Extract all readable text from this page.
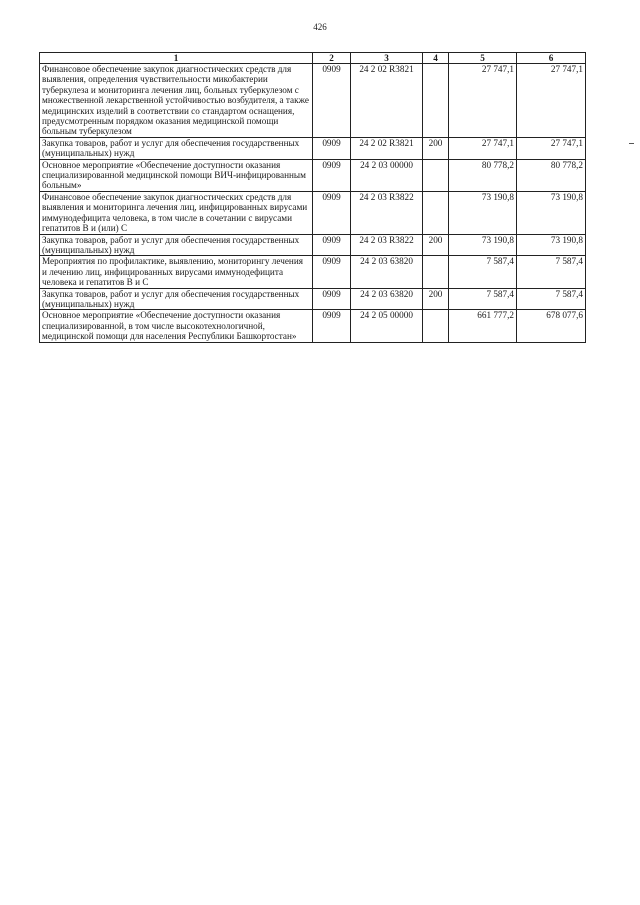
426
1	2	3	4	5	6
Финансовое обеспечение закупок диагностических средств для выявления, определения чувствительности микобактерии туберкулеза и мониторинга лечения лиц, больных туберкулезом с множественной лекарственной устойчивостью возбудителя, а также медицинских изделий в соответствии со стандартом оснащения, предусмотренным порядком оказания медицинской помощи больным туберкулезом	0909	24 2 02 R3821		27 747,1	27 747,1
Закупка товаров, работ и услуг для обеспечения государственных (муниципальных) нужд	0909	24 2 02 R3821	200	27 747,1	27 747,1
Основное мероприятие «Обеспечение доступности оказания специализированной медицинской помощи ВИЧ-инфицированным больным»	0909	24 2 03 00000		80 778,2	80 778,2
Финансовое обеспечение закупок диагностических средств для выявления и мониторинга лечения лиц, инфицированных вирусами иммунодефицита человека, в том числе в сочетании с вирусами гепатитов В и (или) С	0909	24 2 03 R3822		73 190,8	73 190,8
Закупка товаров, работ и услуг для обеспечения государственных (муниципальных) нужд	0909	24 2 03 R3822	200	73 190,8	73 190,8
Мероприятия по профилактике, выявлению, мониторингу лечения и лечению лиц, инфицированных вирусами иммунодефицита человека и гепатитов В и С	0909	24 2 03 63820		7 587,4	7 587,4
Закупка товаров, работ и услуг для обеспечения государственных (муниципальных) нужд	0909	24 2 03 63820	200	7 587,4	7 587,4
Основное мероприятие «Обеспечение доступности оказания специализированной, в том числе высокотехнологичной, медицинской помощи для населения Республики Башкортостан»	0909	24 2 05 00000		661 777,2	678 077,6
